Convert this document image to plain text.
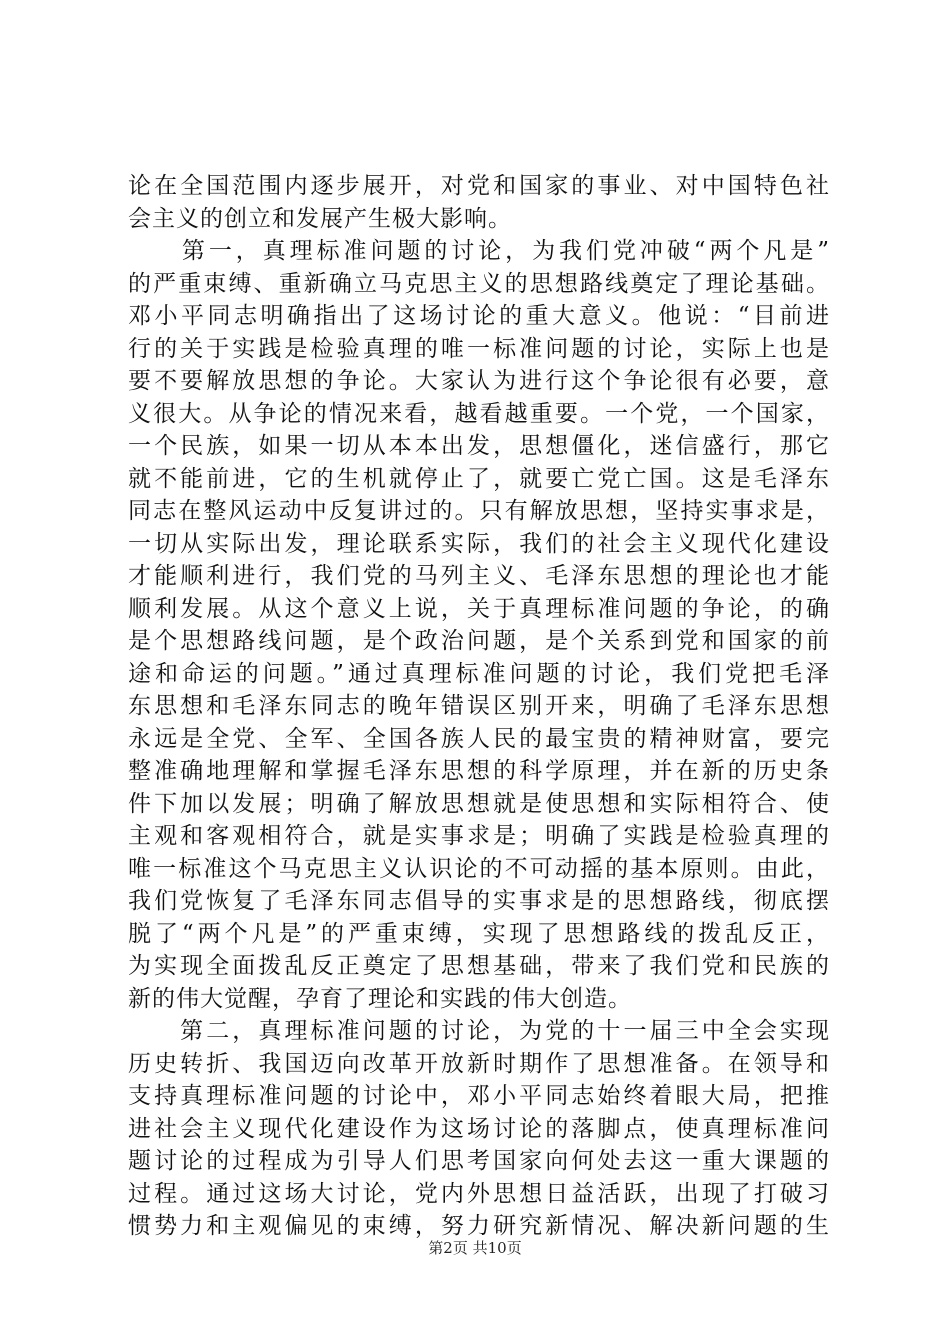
论在全国范围内逐步展开，对党和国家的事业、对中国特色社
会主义的创立和发展产生极大影响。
　　第一，真理标准问题的讨论，为我们党冲破“两个凡是”
的严重束缚、重新确立马克思主义的思想路线奠定了理论基础。
邓小平同志明确指出了这场讨论的重大意义。他说：“目前进
行的关于实践是检验真理的唯一标准问题的讨论，实际上也是
要不要解放思想的争论。大家认为进行这个争论很有必要，意
义很大。从争论的情况来看，越看越重要。一个党，一个国家，
一个民族，如果一切从本本出发，思想僵化，迷信盛行，那它
就不能前进，它的生机就停止了，就要亡党亡国。这是毛泽东
同志在整风运动中反复讲过的。只有解放思想，坚持实事求是，
一切从实际出发，理论联系实际，我们的社会主义现代化建设
才能顺利进行，我们党的马列主义、毛泽东思想的理论也才能
顺利发展。从这个意义上说，关于真理标准问题的争论，的确
是个思想路线问题，是个政治问题，是个关系到党和国家的前
途和命运的问题。”通过真理标准问题的讨论，我们党把毛泽
东思想和毛泽东同志的晚年错误区别开来，明确了毛泽东思想
永远是全党、全军、全国各族人民的最宝贵的精神财富，要完
整准确地理解和掌握毛泽东思想的科学原理，并在新的历史条
件下加以发展；明确了解放思想就是使思想和实际相符合、使
主观和客观相符合，就是实事求是；明确了实践是检验真理的
唯一标准这个马克思主义认识论的不可动摇的基本原则。由此，
我们党恢复了毛泽东同志倡导的实事求是的思想路线，彻底摆
脱了“两个凡是”的严重束缚，实现了思想路线的拨乱反正，
为实现全面拨乱反正奠定了思想基础，带来了我们党和民族的
新的伟大觉醒，孕育了理论和实践的伟大创造。
　　第二，真理标准问题的讨论，为党的十一届三中全会实现
历史转折、我国迈向改革开放新时期作了思想准备。在领导和
支持真理标准问题的讨论中，邓小平同志始终着眼大局，把推
进社会主义现代化建设作为这场讨论的落脚点，使真理标准问
题讨论的过程成为引导人们思考国家向何处去这一重大课题的
过程。通过这场大讨论，党内外思想日益活跃，出现了打破习
惯势力和主观偏见的束缚，努力研究新情况、解决新问题的生
第2页 共10页
